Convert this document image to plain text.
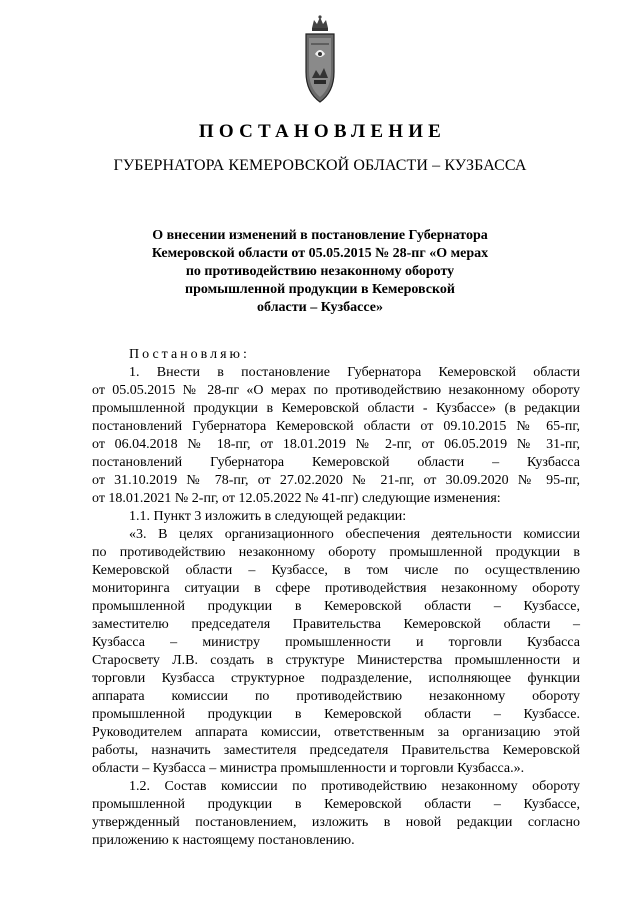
ПОСТАНОВЛЕНИЕ
ГУБЕРНАТОРА КЕМЕРОВСКОЙ ОБЛАСТИ – КУЗБАССА
О внесении изменений в постановление Губернатора
Кемеровской области от 05.05.2015 № 28-пг «О мерах
по противодействию незаконному обороту
промышленной продукции в Кемеровской
области – Кузбассе»
Постановляю:
1. Внести в постановление Губернатора Кемеровской области
от 05.05.2015 № 28-пг «О мерах по противодействию незаконному обороту
промышленной продукции в Кемеровской области - Кузбассе» (в редакции
постановлений Губернатора Кемеровской области от 09.10.2015 № 65-пг,
от 06.04.2018 № 18-пг, от 18.01.2019 № 2-пг, от 06.05.2019 № 31-пг,
постановлений Губернатора Кемеровской области – Кузбасса
от 31.10.2019 № 78-пг, от 27.02.2020 № 21-пг, от 30.09.2020 № 95-пг,
от 18.01.2021 № 2-пг, от 12.05.2022 № 41-пг) следующие изменения:
1.1. Пункт 3 изложить в следующей редакции:
«3. В целях организационного обеспечения деятельности комиссии
по противодействию незаконному обороту промышленной продукции в
Кемеровской области – Кузбассе, в том числе по осуществлению
мониторинга ситуации в сфере противодействия незаконному обороту
промышленной продукции в Кемеровской области – Кузбассе,
заместителю председателя Правительства Кемеровской области –
Кузбасса – министру промышленности и торговли Кузбасса
Старосвету Л.В. создать в структуре Министерства промышленности и
торговли Кузбасса структурное подразделение, исполняющее функции
аппарата комиссии по противодействию незаконному обороту
промышленной продукции в Кемеровской области – Кузбассе.
Руководителем аппарата комиссии, ответственным за организацию этой
работы, назначить заместителя председателя Правительства Кемеровской
области – Кузбасса – министра промышленности и торговли Кузбасса.».
1.2. Состав комиссии по противодействию незаконному обороту
промышленной продукции в Кемеровской области – Кузбассе,
утвержденный постановлением, изложить в новой редакции согласно
приложению к настоящему постановлению.
